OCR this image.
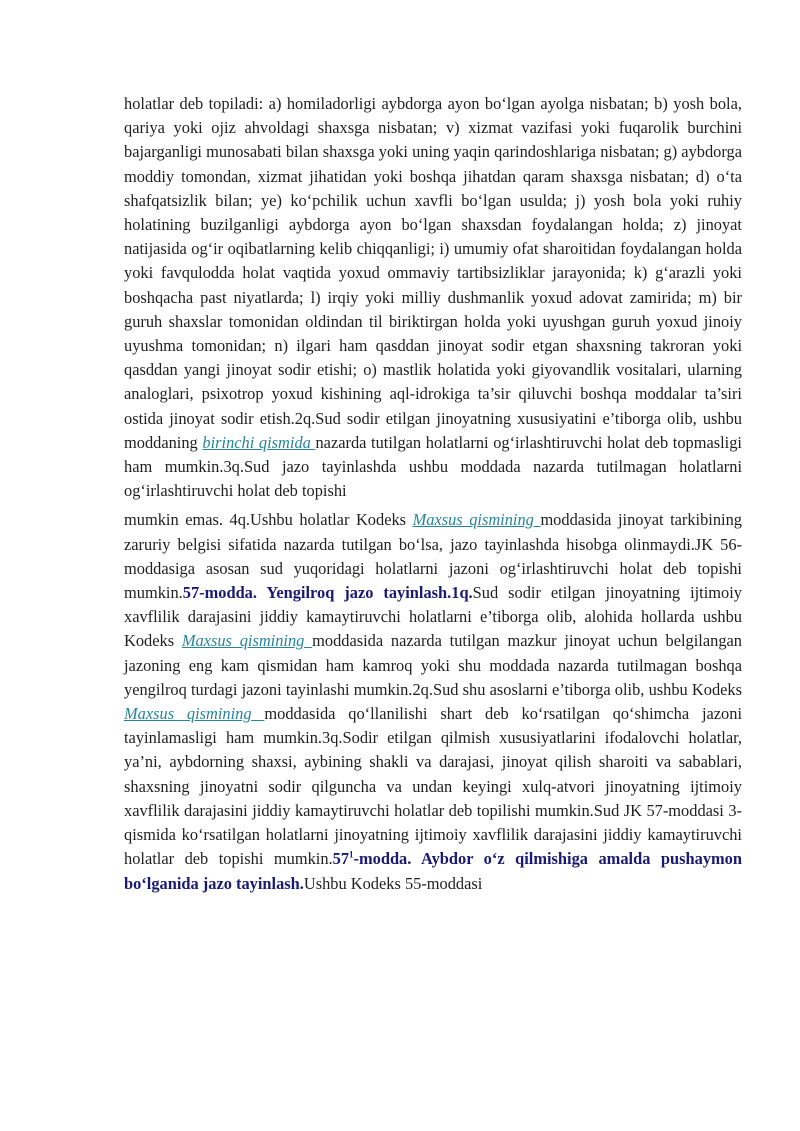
holatlar deb topiladi: a) homiladorligi aybdorga ayon bo‘lgan ayolga nisbatan; b) yosh bola, qariya yoki ojiz ahvoldagi shaxsga nisbatan; v) xizmat vazifasi yoki fuqarolik burchini bajarganligi munosabati bilan shaxsga yoki uning yaqin qarindoshlariga nisbatan; g) aybdorga moddiy tomondan, xizmat jihatidan yoki boshqa jihatdan qaram shaxsga nisbatan; d) o‘ta shafqatsizlik bilan; ye) ko‘pchilik uchun xavfli bo‘lgan usulda; j) yosh bola yoki ruhiy holatining buzilganligi aybdorga ayon bo‘lgan shaxsdan foydalangan holda; z) jinoyat natijasida og‘ir oqibatlarning kelib chiqqanligi; i) umumiy ofat sharoitidan foydalangan holda yoki favqulodda holat vaqtida yoxud ommaviy tartibsizliklar jarayonida; k) g‘arazli yoki boshqacha past niyatlarda; l) irqiy yoki milliy dushmanlik yoxud adovat zamirida; m) bir guruh shaxslar tomonidan oldindan til biriktirgan holda yoki uyushgan guruh yoxud jinoiy uyushma tomonidan; n) ilgari ham qasddan jinoyat sodir etgan shaxsning takroran yoki qasddan yangi jinoyat sodir etishi; o) mastlik holatida yoki giyovandlik vositalari, ularning analoglari, psixotrop yoxud kishining aql-idrokiga ta’sir qiluvchi boshqa moddalar ta’siri ostida jinoyat sodir etish.2q.Sud sodir etilgan jinoyatning xususiyatini e’tiborga olib, ushbu moddaning birinchi qismida nazarda tutilgan holatlarni og‘irlashtiruvchi holat deb topmasligi ham mumkin.3q.Sud jazo tayinlashda ushbu moddada nazarda tutilmagan holatlarni og‘irlashtiruvchi holat deb topishi

mumkin emas. 4q.Ushbu holatlar Kodeks Maxsus qismining moddasida jinoyat tarkibining zaruriy belgisi sifatida nazarda tutilgan bo‘lsa, jazo tayinlashda hisobga olinmaydi.JK 56-moddasiga asosan sud yuqoridagi holatlarni jazoni og‘irlashtiruvchi holat deb topishi mumkin.57-modda. Yengilroq jazo tayinlash.1q.Sud sodir etilgan jinoyatning ijtimoiy xavflilik darajasini jiddiy kamaytiruvchi holatlarni e’tiborga olib, alohida hollarda ushbu Kodeks Maxsus qismining moddasida nazarda tutilgan mazkur jinoyat uchun belgilangan jazoning eng kam qismidan ham kamroq yoki shu moddada nazarda tutilmagan boshqa yengilroq turdagi jazoni tayinlashi mumkin.2q.Sud shu asoslarni e’tiborga olib, ushbu Kodeks Maxsus qismining moddasida qo‘llanilishi shart deb ko‘rsatilgan qo‘shimcha jazoni tayinlamasligi ham mumkin.3q.Sodir etilgan qilmish xususiyatlarini ifodalovchi holatlar, ya’ni, aybdorning shaxsi, aybining shakli va darajasi, jinoyat qilish sharoiti va sabablari, shaxsning jinoyatni sodir qilguncha va undan keyingi xulq-atvori jinoyatning ijtimoiy xavflilik darajasini jiddiy kamaytiruvchi holatlar deb topilishi mumkin.Sud JK 57-moddasi 3-qismida ko‘rsatilgan holatlarni jinoyatning ijtimoiy xavflilik darajasini jiddiy kamaytiruvchi holatlar deb topishi $mumkin.57^1$-modda. Aybdor o‘z qilmishiga amalda pushaymon bo‘lganida jazo tayinlash.Ushbu Kodeks 55-moddasi
